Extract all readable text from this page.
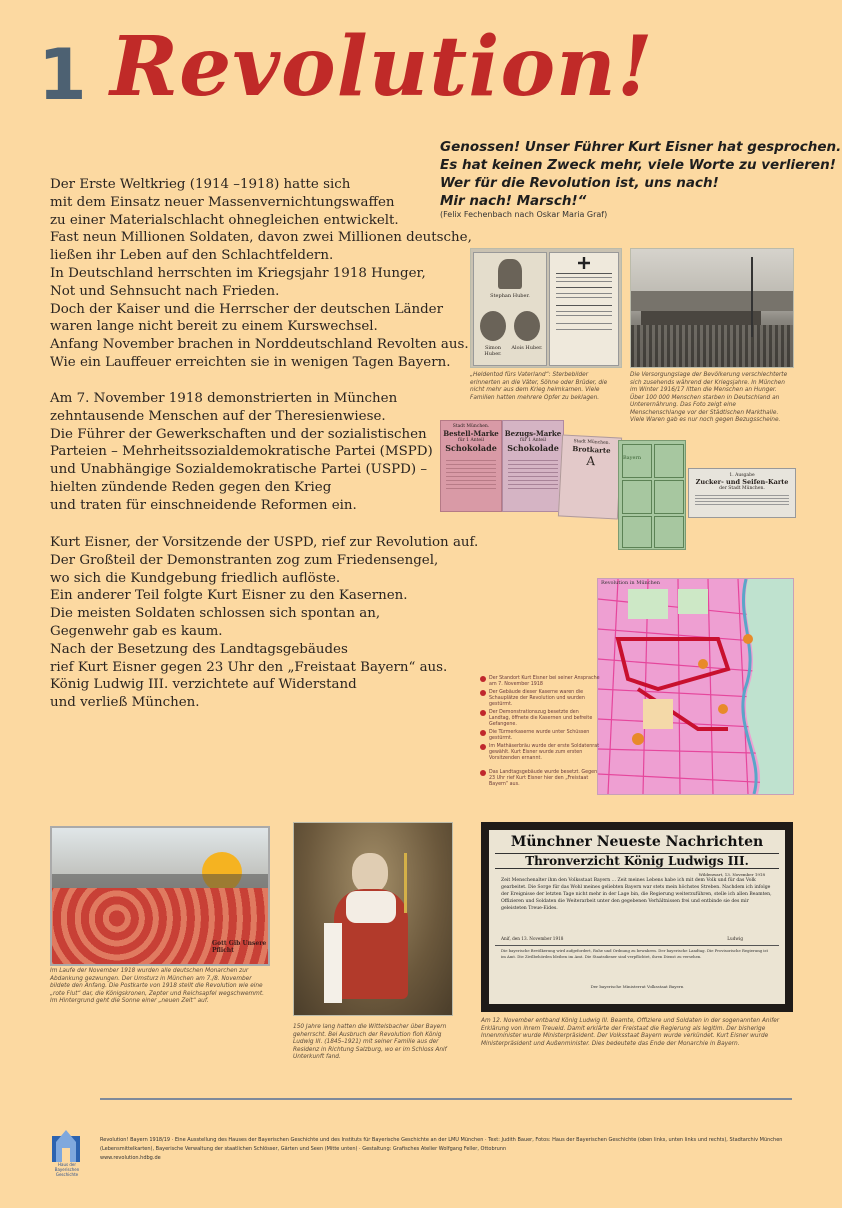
1 Revolution!
Der Erste Weltkrieg (1914 –1918) hatte sich
mit dem Einsatz neuer Massenvernichtungswaffen
zu einer Materialschlacht ohnegleichen entwickelt.
Fast neun Millionen Soldaten, davon zwei Millionen deutsche,
ließen ihr Leben auf den Schlachtfeldern.
In Deutschland herrschten im Kriegsjahr 1918 Hunger,
Not und Sehnsucht nach Frieden.
Doch der Kaiser und die Herrscher der deutschen Länder
waren lange nicht bereit zu einem Kurswechsel.
Anfang November brachen in Norddeutschland Revolten aus.
Wie ein Lauffeuer erreichten sie in wenigen Tagen Bayern.
Am 7. November 1918 demonstrierten in München
zehntausende Menschen auf der Theresienwiese.
Die Führer der Gewerkschaften und der sozialistischen
Parteien – Mehrheitssozialdemokratische Partei (MSPD)
und Unabhängige Sozialdemokratische Partei (USPD) –
hielten zündende Reden gegen den Krieg
und traten für einschneidende Reformen ein.
Kurt Eisner, der Vorsitzende der USPD, rief zur Revolution auf.
Der Großteil der Demonstranten zog zum Friedensengel,
wo sich die Kundgebung friedlich auflöste.
Ein anderer Teil folgte Kurt Eisner zu den Kasernen.
Die meisten Soldaten schlossen sich spontan an,
Gegenwehr gab es kaum.
Nach der Besetzung des Landtagsgebäudes
rief Kurt Eisner gegen 23 Uhr den „Freistaat Bayern“ aus.
König Ludwig III. verzichtete auf Widerstand
und verließ München.
Genossen! Unser Führer Kurt Eisner hat gesprochen.
Es hat keinen Zweck mehr, viele Worte zu verlieren!
Wer für die Revolution ist, uns nach!
Mir nach! Marsch!“
(Felix Fechenbach nach Oskar Maria Graf)
Stephan Huber.
Simon Huber.
Alois Huber.
„Heldentod fürs Vaterland“: Sterbebilder erinnerten an die Väter, Söhne oder Brüder, die nicht mehr aus dem Krieg heimkamen. Viele Familien hatten mehrere Opfer zu beklagen.
Die Versorgungslage der Bevölkerung verschlechterte sich zusehends während der Kriegsjahre. In München im Winter 1916/17 litten die Menschen an Hunger. Über 100 000 Menschen starben in Deutschland an Unterernährung. Das Foto zeigt eine Menschenschlange vor der Städtischen Markthalle. Viele Waren gab es nur noch gegen Bezugsscheine.
Stadt München.
Bestell-Marke
für 1 Anteil
Schokolade
Bezugs-Marke
für 1 Anteil
Schokolade
Stadt München.
Brotkarte
A	Bayern
1. Ausgabe
Zucker- und Seifen-Karte
der Stadt München.
Revolution in München
Der Standort Kurt Eisner bei seiner Ansprache am 7. November 1918
Der Gebäude dieser Kaserne waren die Schauplätze der Revolution und wurden gestürmt.
Der Demonstrationszug besetzte den Landtag, öffnete die Kasernen und befreite Gefangene.
Die Türmerkaserne wurde unter Schüssen gestürmt.
Im Mathäserbräu wurde der erste Soldatenrat gewählt. Kurt Eisner wurde zum ersten Vorsitzenden ernannt.
Das Landtagsgebäude wurde besetzt. Gegen 23 Uhr rief Kurt Eisner hier den „Freistaat Bayern“ aus.
Gott Gib Unsere Pflicht
Im Laufe der November 1918 wurden alle deutschen Monarchen zur Abdankung gezwungen. Der Umsturz in München am 7./8. November bildete den Anfang. Die Postkarte von 1918 stellt die Revolution wie eine „rote Flut“ dar, die Königskronen, Zepter und Reichsapfel wegschwemmt. Im Hintergrund geht die Sonne einer „neuen Zeit“ auf.
150 Jahre lang hatten die Wittelsbacher über Bayern geherrscht. Bei Ausbruch der Revolution floh König Ludwig III. (1845–1921) mit seiner Familie aus der Residenz in Richtung Salzburg, wo er im Schloss Anif Unterkunft fand.
Münchner Neueste Nachrichten
Thronverzicht König Ludwigs III.
Wildenwart, 13. November 1918
Zeit Menschenalter ihm den Volksstaat Bayern ... Zeit meines Lebens habe ich mit dem Volk und für das Volk gearbeitet. Die Sorge für das Wohl meines geliebten Bayern war stets mein höchstes Streben. Nachdem ich infolge der Ereignisse der letzten Tage nicht mehr in der Lage bin, die Regierung weiterzuführen, stelle ich allen Beamten, Offizieren und Soldaten die Weiterarbeit unter den gegebenen Verhältnissen frei und entbinde sie des mir geleisteten Treue-Eides.
Anif, den 13. November 1918	Ludwig
Die bayerische Bevölkerung wird aufgefordert, Ruhe und Ordnung zu bewahren. Der bayerische Landtag. Die Provisorische Regierung ist im Amt. Die Zivilbehörden bleiben im Amt. Die Staatsdiener sind verpflichtet, ihren Dienst zu versehen.
Der bayerische Ministerrat Volksstaat Bayern
Am 12. November entband König Ludwig III. Beamte, Offiziere und Soldaten in der sogenannten Anifer Erklärung von ihrem Treueid. Damit erklärte der Freistaat die Regierung als legitim. Der bisherige Innenminister wurde Ministerpräsident. Der Volksstaat Bayern wurde verkündet. Kurt Eisner wurde Ministerpräsident und Außenminister. Dies bedeutete das Ende der Monarchie in Bayern.
Haus der Bayerischen Geschichte
Revolution! Bayern 1918/19 · Eine Ausstellung des Hauses der Bayerischen Geschichte und des Instituts für Bayerische Geschichte an der LMU München · Text: Judith Bauer, Fotos: Haus der Bayerischen Geschichte (oben links, unten links und rechts), Stadtarchiv München
(Lebensmittelkarten), Bayerische Verwaltung der staatlichen Schlösser, Gärten und Seen (Mitte unten) · Gestaltung: Grafisches Atelier Wolfgang Feller, Ottobrunn
www.revolution.hdbg.de
